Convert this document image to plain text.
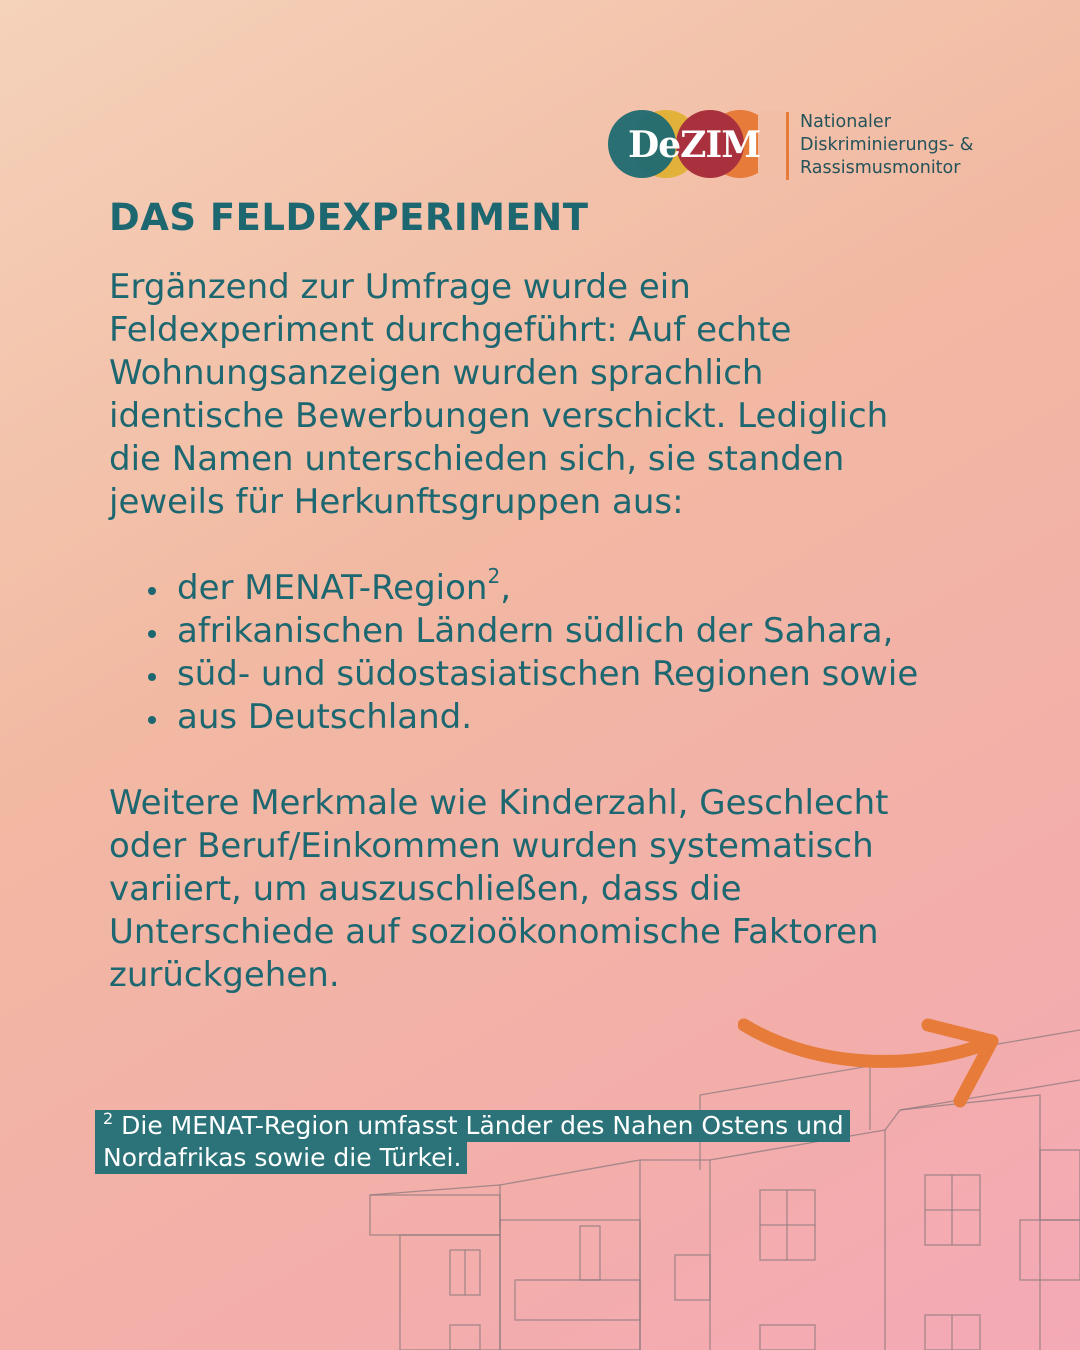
DeZIM
Nationaler
Diskriminierungs- &
Rassismusmonitor
DAS FELDEXPERIMENT
Ergänzend zur Umfrage wurde ein
Feldexperiment durchgeführt: Auf echte
Wohnungsanzeigen wurden sprachlich
identische Bewerbungen verschickt. Lediglich
die Namen unterschieden sich, sie standen
jeweils für Herkunftsgruppen aus:
der MENAT-Region$^2$,
afrikanischen Ländern südlich der Sahara,
süd- und südostasiatischen Regionen sowie
aus Deutschland.
Weitere Merkmale wie Kinderzahl, Geschlecht
oder Beruf/Einkommen wurden systematisch
variiert, um auszuschließen, dass die
Unterschiede auf sozioökonomische Faktoren
zurückgehen.
$^2$ Die MENAT-Region umfasst Länder des Nahen Ostens und
Nordafrikas sowie die Türkei.
